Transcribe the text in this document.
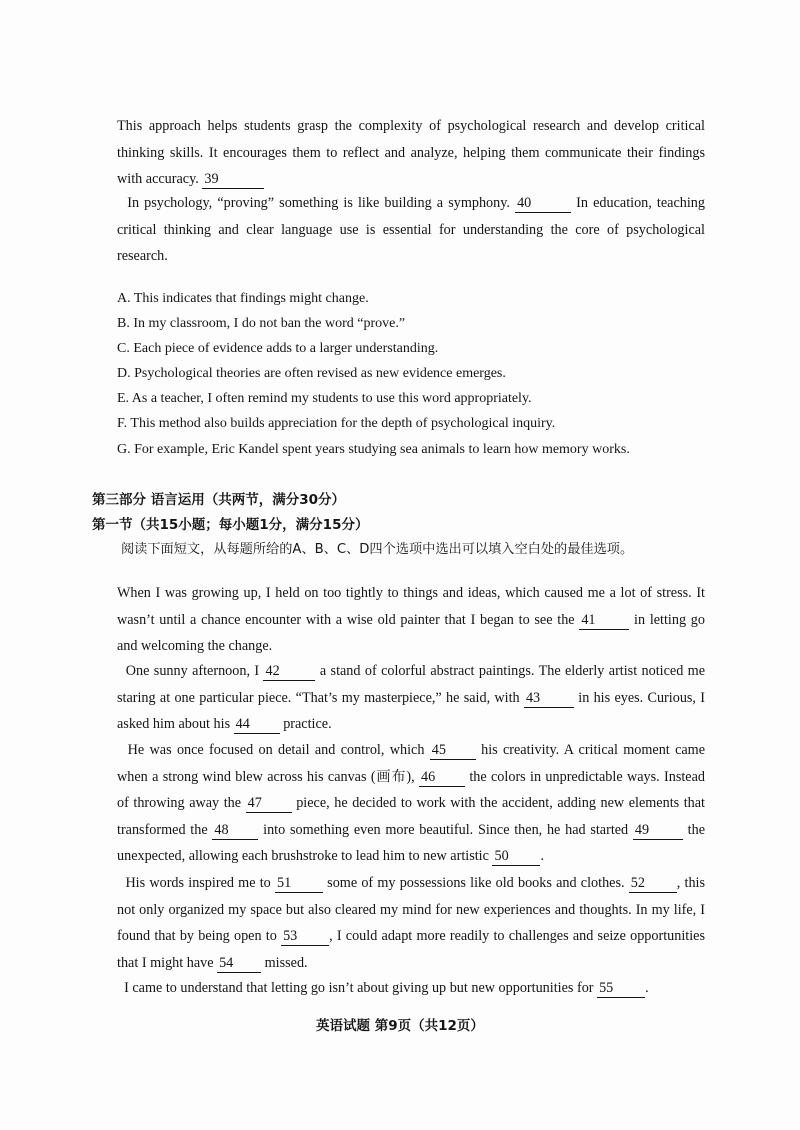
This approach helps students grasp the complexity of psychological research and develop critical thinking skills. It encourages them to reflect and analyze, helping them communicate their findings with accuracy. 39
In psychology, “proving” something is like building a symphony. 40	In education, teaching critical thinking and clear language use is essential for understanding the core of psychological research.
A. This indicates that findings might change.
B. In my classroom, I do not ban the word “prove.”
C. Each piece of evidence adds to a larger understanding.
D. Psychological theories are often revised as new evidence emerges.
E. As a teacher, I often remind my students to use this word appropriately.
F. This method also builds appreciation for the depth of psychological inquiry.
G. For example, Eric Kandel spent years studying sea animals to learn how memory works.
第三部分 语言运用（共两节，满分30分）
第一节（共15小题；每小题1分，满分15分）
阅读下面短文，从每题所给的A、B、C、D四个选项中选出可以填入空白处的最佳选项。
When I was growing up, I held on too tightly to things and ideas, which caused me a lot of stress. It wasn’t until a chance encounter with a wise old painter that I began to see the 41 in letting go and welcoming the change.
One sunny afternoon, I 42	a stand of colorful abstract paintings. The elderly artist noticed me staring at one particular piece. “That’s my masterpiece,” he said, with 43 in his eyes. Curious, I asked him about his 44 practice.
He was once focused on detail and control, which 45 his creativity. A critical moment came when a strong wind blew across his canvas (画布), 46 the colors in unpredictable ways. Instead of throwing away the 47 piece, he decided to work with the accident, adding new elements that transformed the 48 into something even more beautiful. Since then, he had started 49 the unexpected, allowing each brushstroke to lead him to new artistic 50 .
His words inspired me to 51 some of my possessions like old books and clothes. 52 , this not only organized my space but also cleared my mind for new experiences and thoughts. In my life, I found that by being open to 53 , I could adapt more readily to challenges and seize opportunities that I might have 54 missed.
I came to understand that letting go isn’t about giving up but new opportunities for 55 .
英语试题 第9页（共12页）
